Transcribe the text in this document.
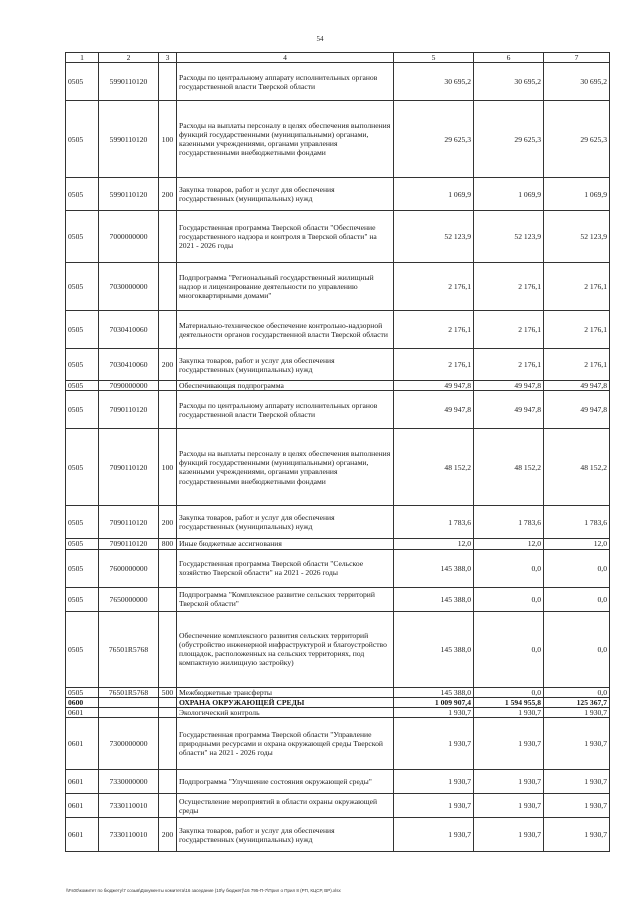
54
1	2	3	4	5	6	7
0505	5990110120		Расходы по центральному аппарату исполнительных органов государственной власти Тверской области	30 695,2	30 695,2	30 695,2
0505	5990110120	100	Расходы на выплаты персоналу в целях обеспечения выполнения функций государственными (муниципальными) органами, казенными учреждениями, органами управления государственными внебюджетными фондами	29 625,3	29 625,3	29 625,3
0505	5990110120	200	Закупка товаров, работ и услуг для обеспечения государственных (муниципальных) нужд	1 069,9	1 069,9	1 069,9
0505	7000000000		Государственная программа Тверской области "Обеспечение государственного надзора и контроля в Тверской области" на 2021 - 2026 годы	52 123,9	52 123,9	52 123,9
0505	7030000000		Подпрограмма "Региональный государственный жилищный надзор и лицензирование деятельности по управлению многоквартирными домами"	2 176,1	2 176,1	2 176,1
0505	7030410060		Материально-техническое обеспечение контрольно-надзорной деятельности органов государственной власти Тверской области	2 176,1	2 176,1	2 176,1
0505	7030410060	200	Закупка товаров, работ и услуг для обеспечения государственных (муниципальных) нужд	2 176,1	2 176,1	2 176,1
0505	7090000000		Обеспечивающая подпрограмма	49 947,8	49 947,8	49 947,8
0505	7090110120		Расходы по центральному аппарату исполнительных органов государственной власти Тверской области	49 947,8	49 947,8	49 947,8
0505	7090110120	100	Расходы на выплаты персоналу в целях обеспечения выполнения функций государственными (муниципальными) органами, казенными учреждениями, органами управления государственными внебюджетными фондами	48 152,2	48 152,2	48 152,2
0505	7090110120	200	Закупка товаров, работ и услуг для обеспечения государственных (муниципальных) нужд	1 783,6	1 783,6	1 783,6
0505	7090110120	800	Иные бюджетные ассигнования	12,0	12,0	12,0
0505	7600000000		Государственная программа Тверской области "Сельское хозяйство Тверской области" на 2021 - 2026 годы	145 388,0	0,0	0,0
0505	7650000000		Подпрограмма "Комплексное развитие сельских территорий Тверской области"	145 388,0	0,0	0,0
0505	76501R5768		Обеспечение комплексного развития сельских территорий (обустройство инженерной инфраструктурой и благоустройство площадок, расположенных на сельских территориях, под компактную жилищную застройку)	145 388,0	0,0	0,0
0505	76501R5768	500	Межбюджетные трансферты	145 388,0	0,0	0,0
0600			ОХРАНА ОКРУЖАЮЩЕЙ СРЕДЫ	1 009 907,4	1 594 955,8	125 367,7
0601			Экологический контроль	1 930,7	1 930,7	1 930,7
0601	7300000000		Государственная программа Тверской области "Управление природными ресурсами и охрана окружающей среды Тверской области" на 2021 - 2026 годы	1 930,7	1 930,7	1 930,7
0601	7330000000		Подпрограмма "Улучшение состояния окружающей среды"	1 930,7	1 930,7	1 930,7
0601	7330110010		Осуществление мероприятий в области охраны окружающей среды	1 930,7	1 930,7	1 930,7
0601	7330110010	200	Закупка товаров, работ и услуг для обеспечения государственных (муниципальных) нужд	1 930,7	1 930,7	1 930,7
\\Fs00\комитет по бюджету\7 созыв\Документы комитета\16 заседание (10\у бюджет)\16 795-П-7\Прил о Прил 8 (РП, КЦСР, ВР).xlsx
